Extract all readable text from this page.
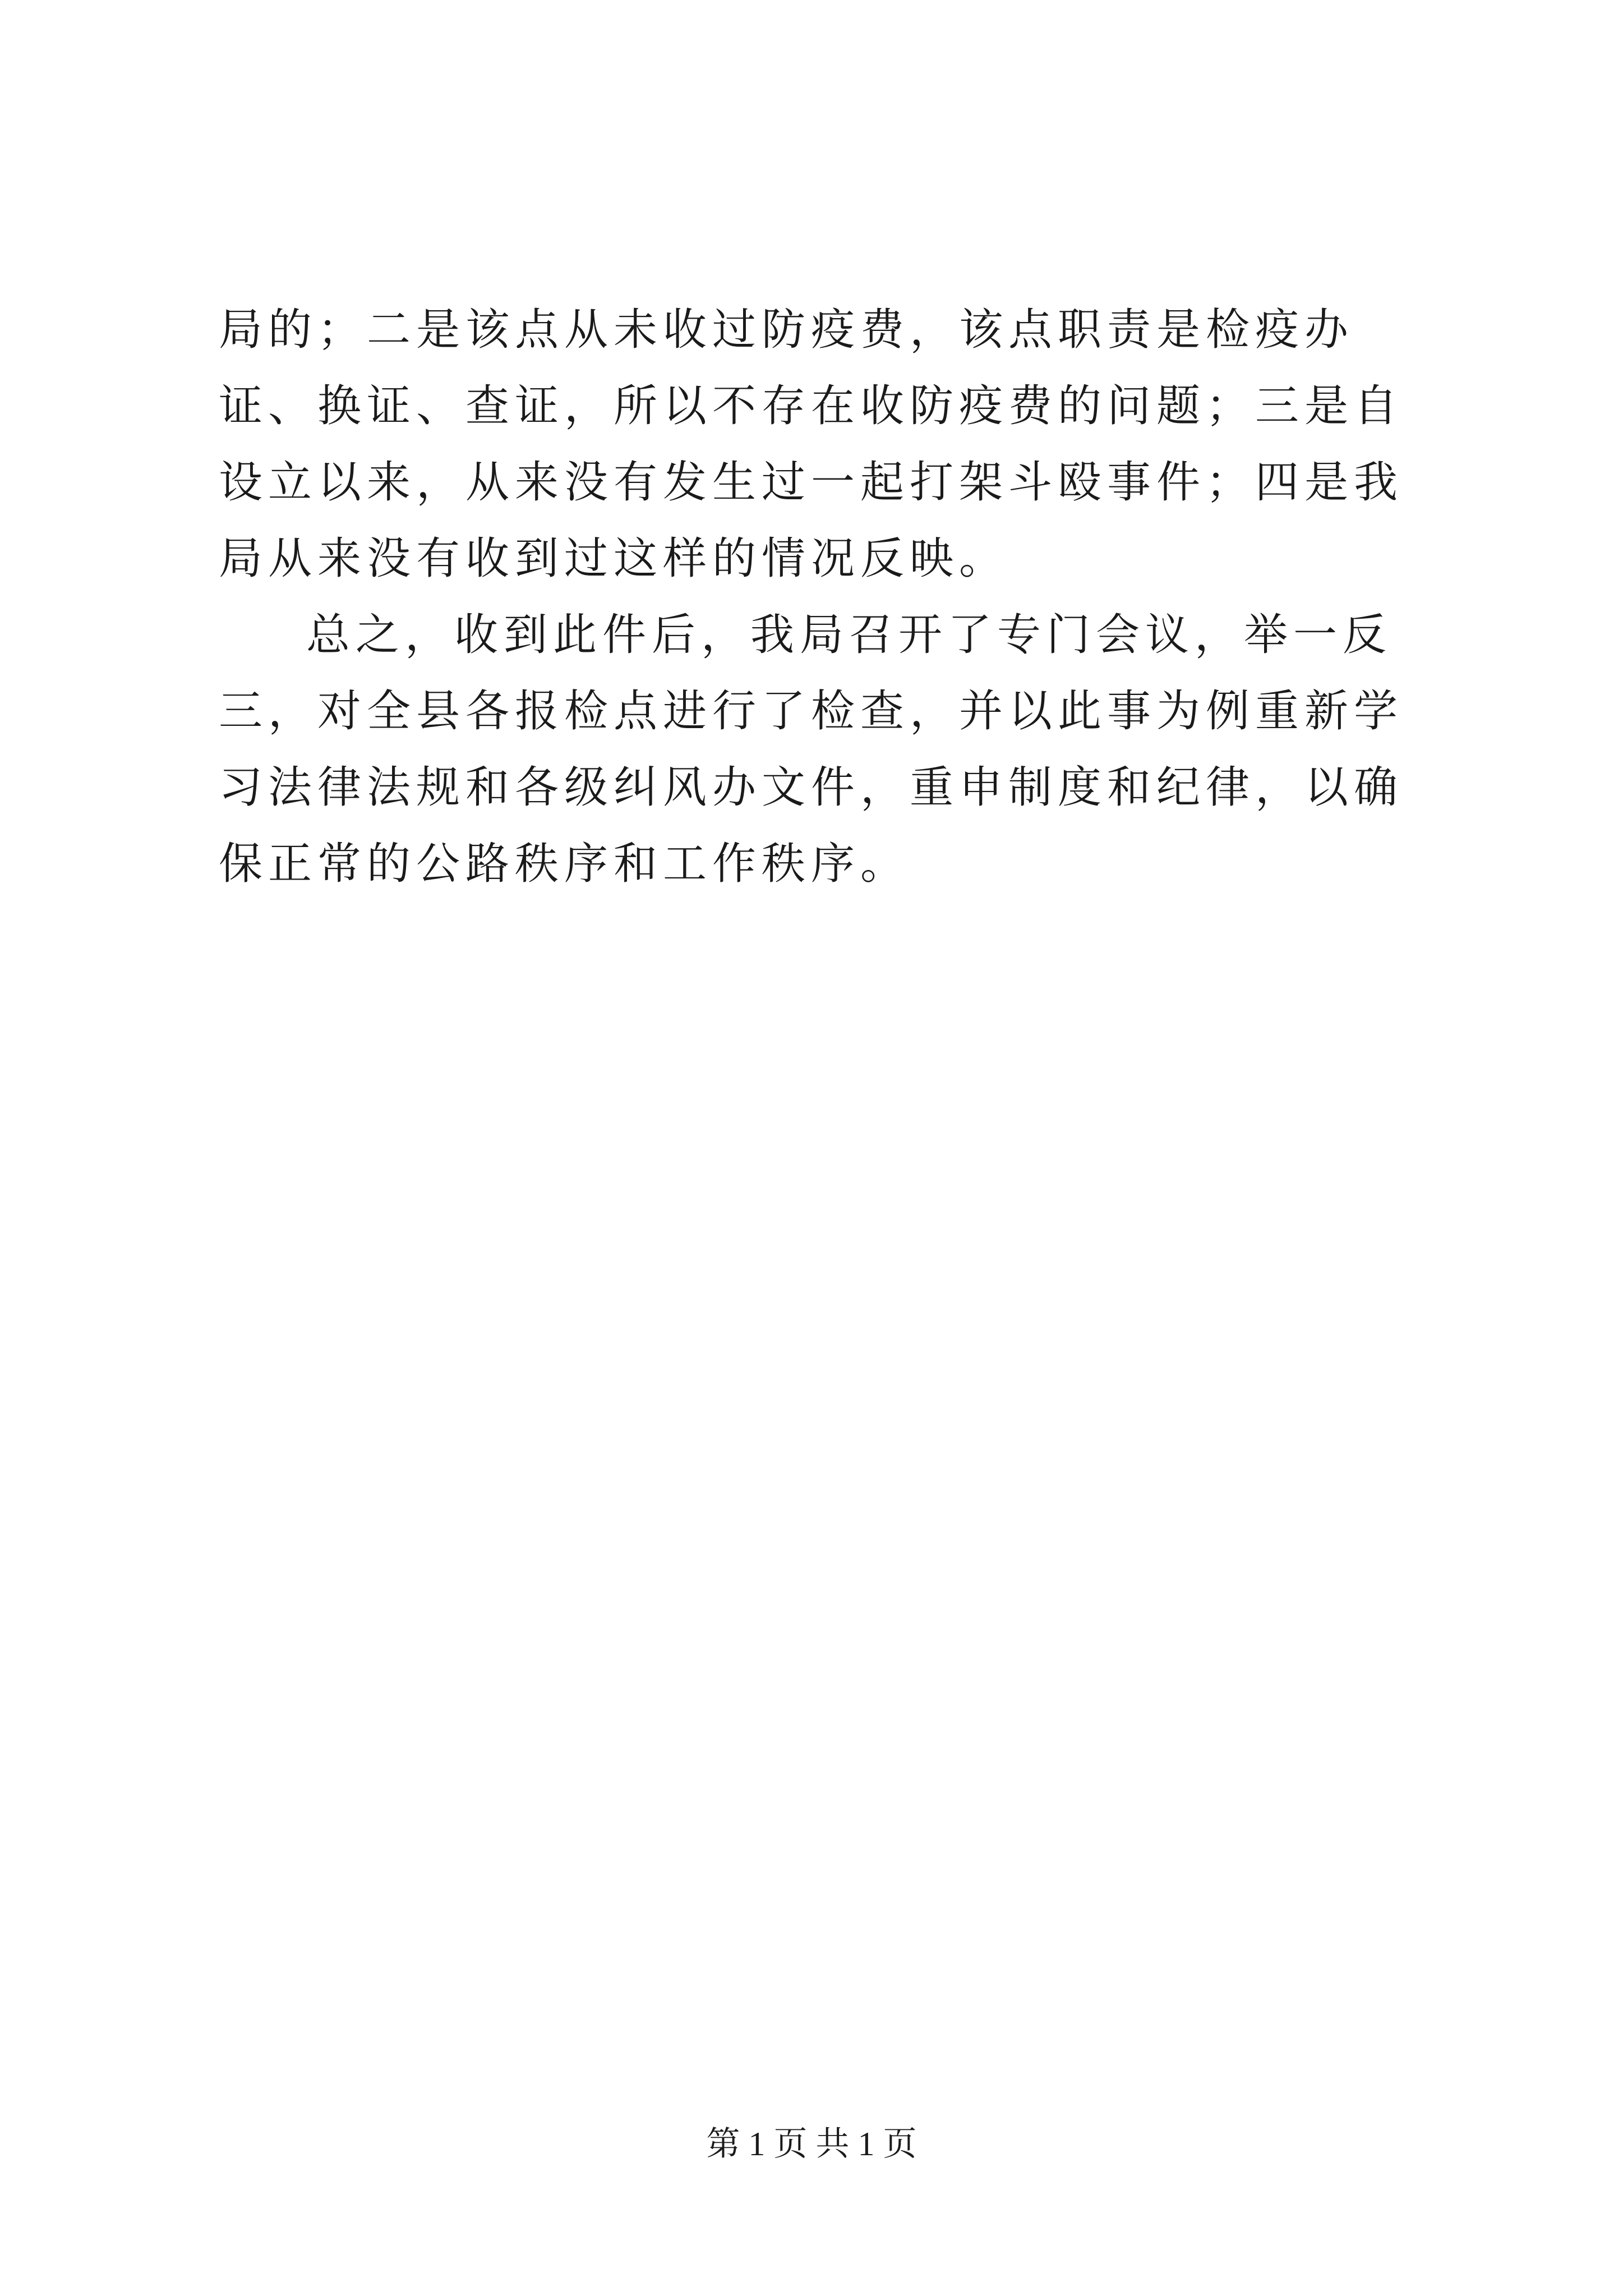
局的；二是该点从未收过防疫费，该点职责是检疫办证、换证、查证，所以不存在收防疫费的问题；三是自设立以来，从来没有发生过一起打架斗殴事件；四是我局从来没有收到过这样的情况反映。

总之，收到此件后，我局召开了专门会议，举一反三，对全县各报检点进行了检查，并以此事为例重新学习法律法规和各级纠风办文件，重申制度和纪律，以确保正常的公路秩序和工作秩序。

第 1 页 共 1 页
